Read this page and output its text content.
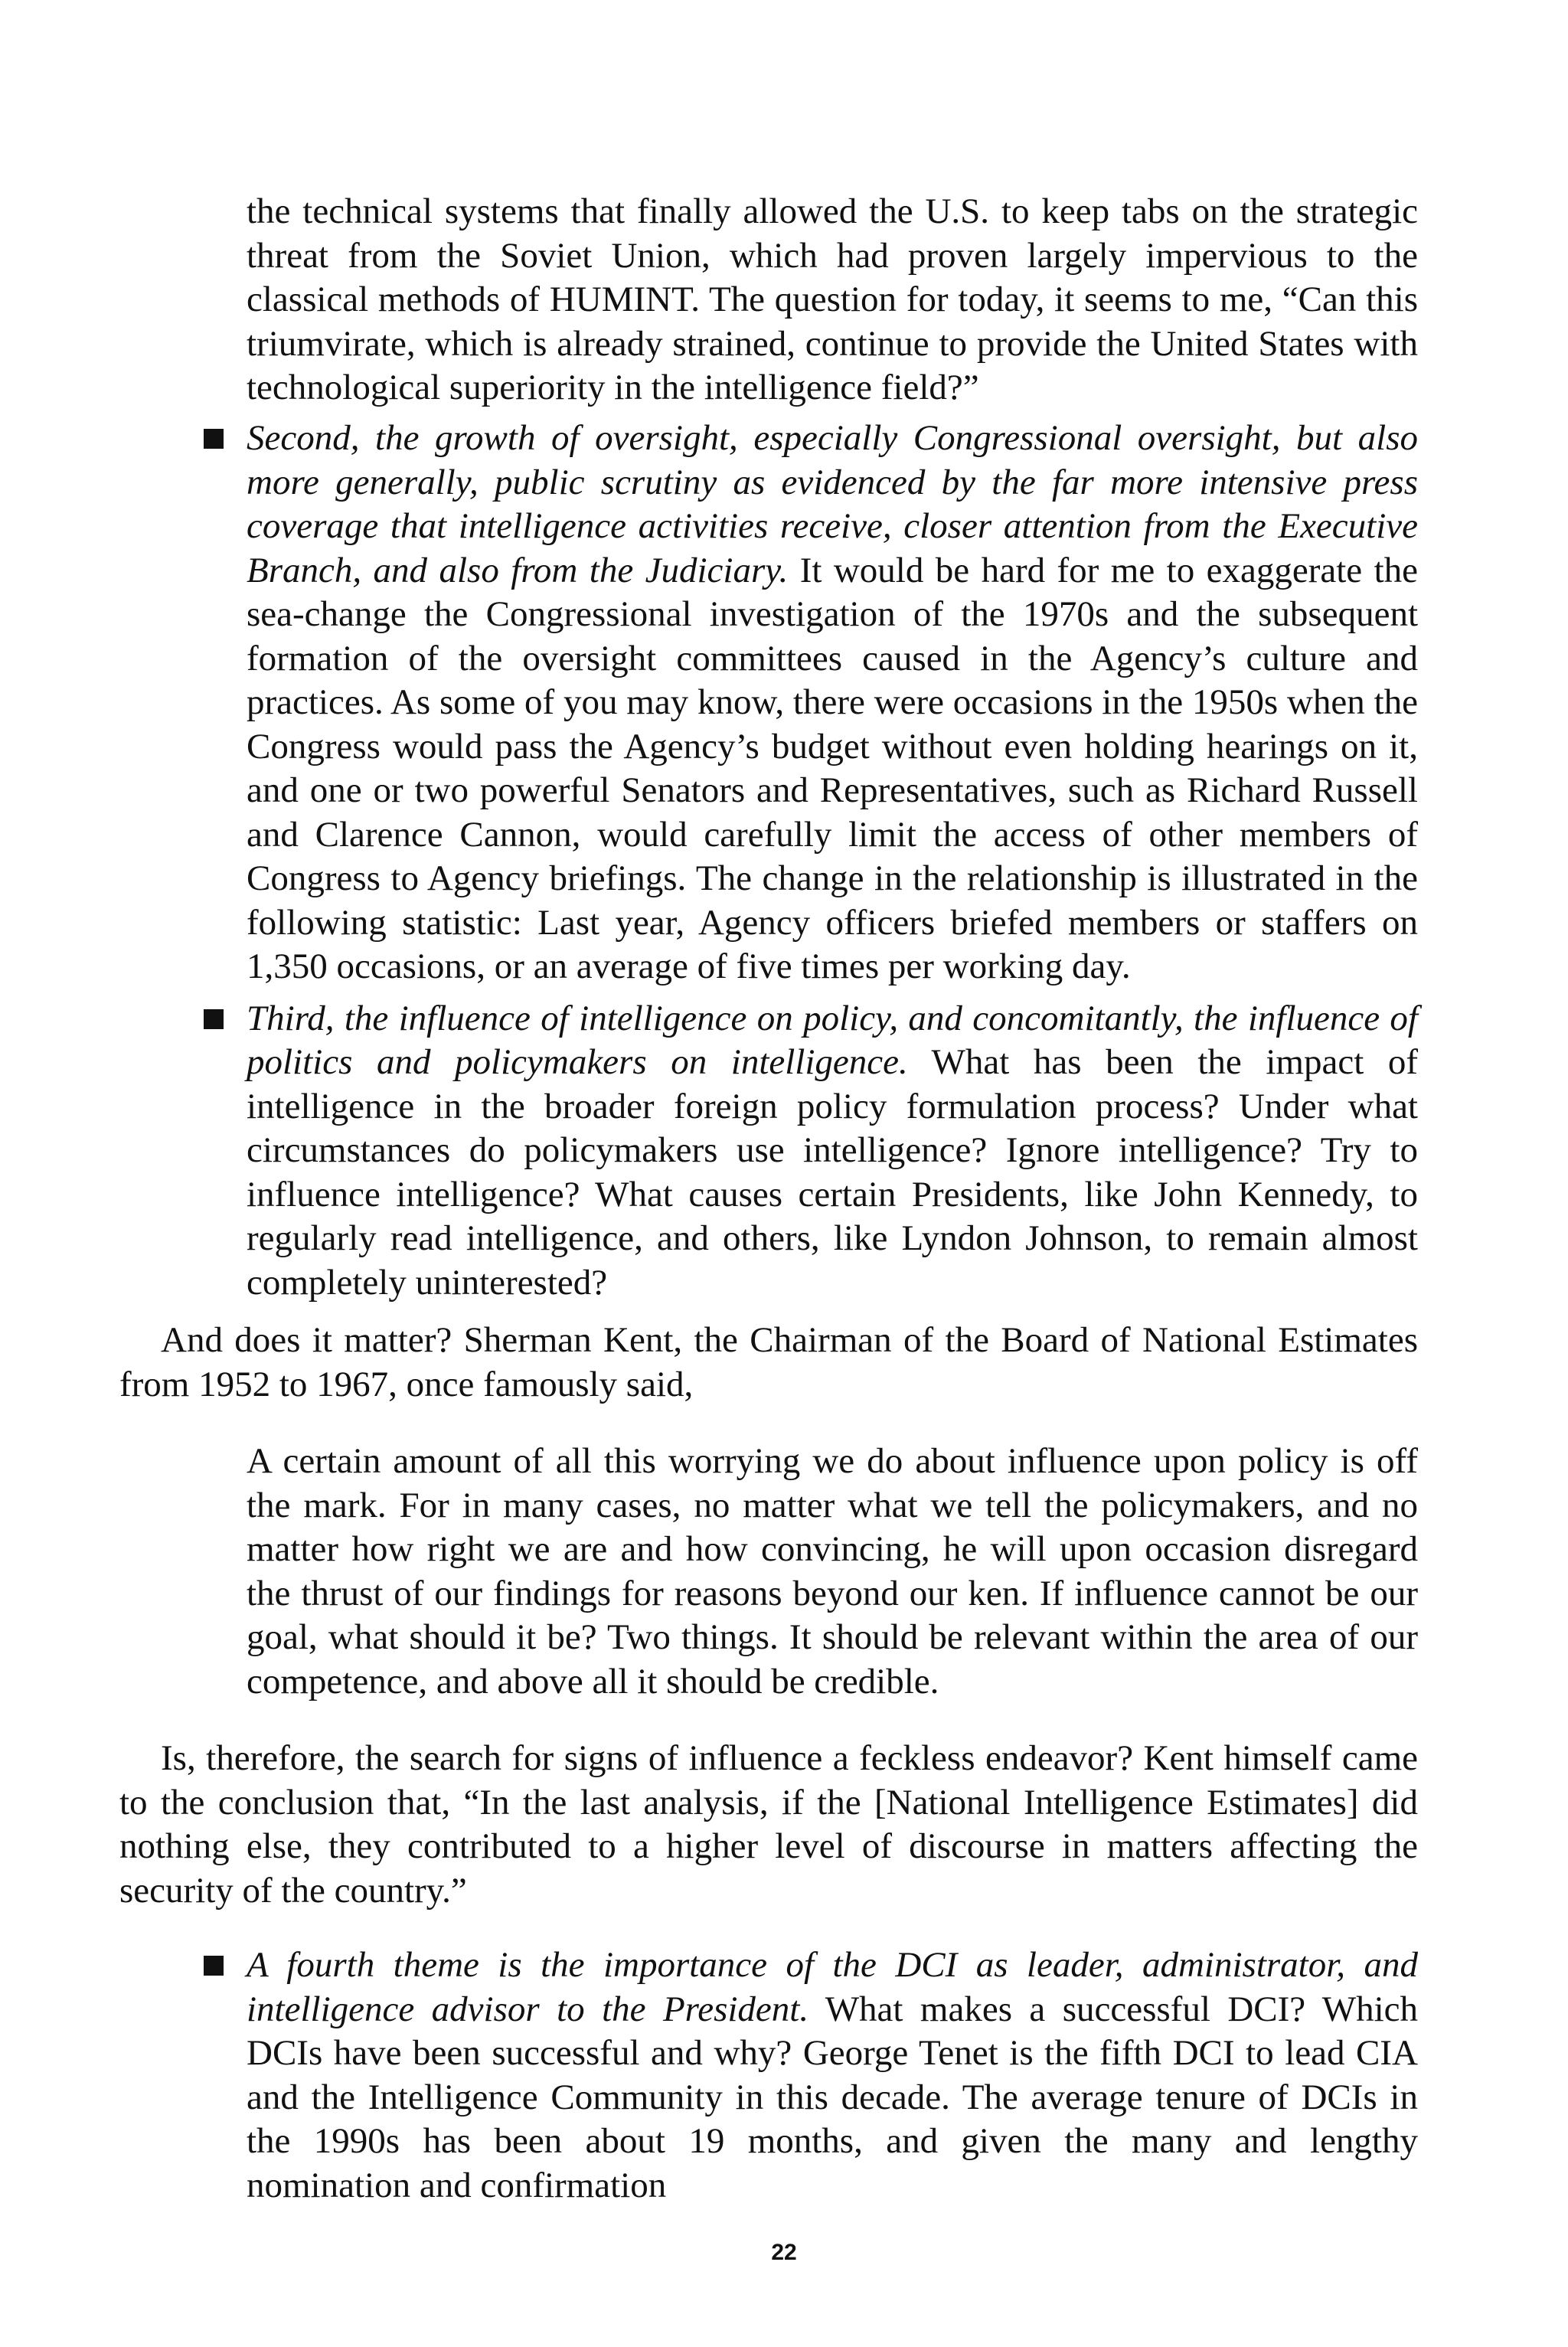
the technical systems that finally allowed the U.S. to keep tabs on the strategic threat from the Soviet Union, which had proven largely impervious to the classical methods of HUMINT. The question for today, it seems to me, “Can this triumvirate, which is already strained, continue to provide the United States with technological superiority in the intelligence field?”

Second, the growth of oversight, especially Congressional oversight, but also more generally, public scrutiny as evidenced by the far more intensive press coverage that intelligence activities receive, closer attention from the Executive Branch, and also from the Judiciary. It would be hard for me to exaggerate the sea-change the Congressional investigation of the 1970s and the subsequent formation of the oversight committees caused in the Agency’s culture and practices. As some of you may know, there were occasions in the 1950s when the Congress would pass the Agency’s budget without even holding hearings on it, and one or two powerful Senators and Representatives, such as Richard Russell and Clarence Cannon, would carefully limit the access of other members of Congress to Agency briefings. The change in the relationship is illustrated in the following statistic: Last year, Agency officers briefed members or staffers on 1,350 occasions, or an average of five times per working day.
Third, the influence of intelligence on policy, and concomitantly, the influence of politics and policymakers on intelligence. What has been the impact of intelligence in the broader foreign policy formulation process? Under what circumstances do policymakers use intelligence? Ignore intelligence? Try to influence intelligence? What causes certain Presidents, like John Kennedy, to regularly read intelligence, and others, like Lyndon Johnson, to remain almost completely uninterested?

And does it matter? Sherman Kent, the Chairman of the Board of National Estimates from 1952 to 1967, once famously said,

A certain amount of all this worrying we do about influence upon policy is off the mark. For in many cases, no matter what we tell the policymakers, and no matter how right we are and how convincing, he will upon occasion disregard the thrust of our findings for reasons beyond our ken. If influence cannot be our goal, what should it be? Two things. It should be relevant within the area of our competence, and above all it should be credible.

Is, therefore, the search for signs of influence a feckless endeavor? Kent himself came to the conclusion that, “In the last analysis, if the [National Intelligence Estimates] did nothing else, they contributed to a higher level of discourse in matters affecting the security of the country.”

A fourth theme is the importance of the DCI as leader, administrator, and intelligence advisor to the President. What makes a successful DCI? Which DCIs have been successful and why? George Tenet is the fifth DCI to lead CIA and the Intelligence Community in this decade. The average tenure of DCIs in the 1990s has been about 19 months, and given the many and lengthy nomination and confirmation
22
